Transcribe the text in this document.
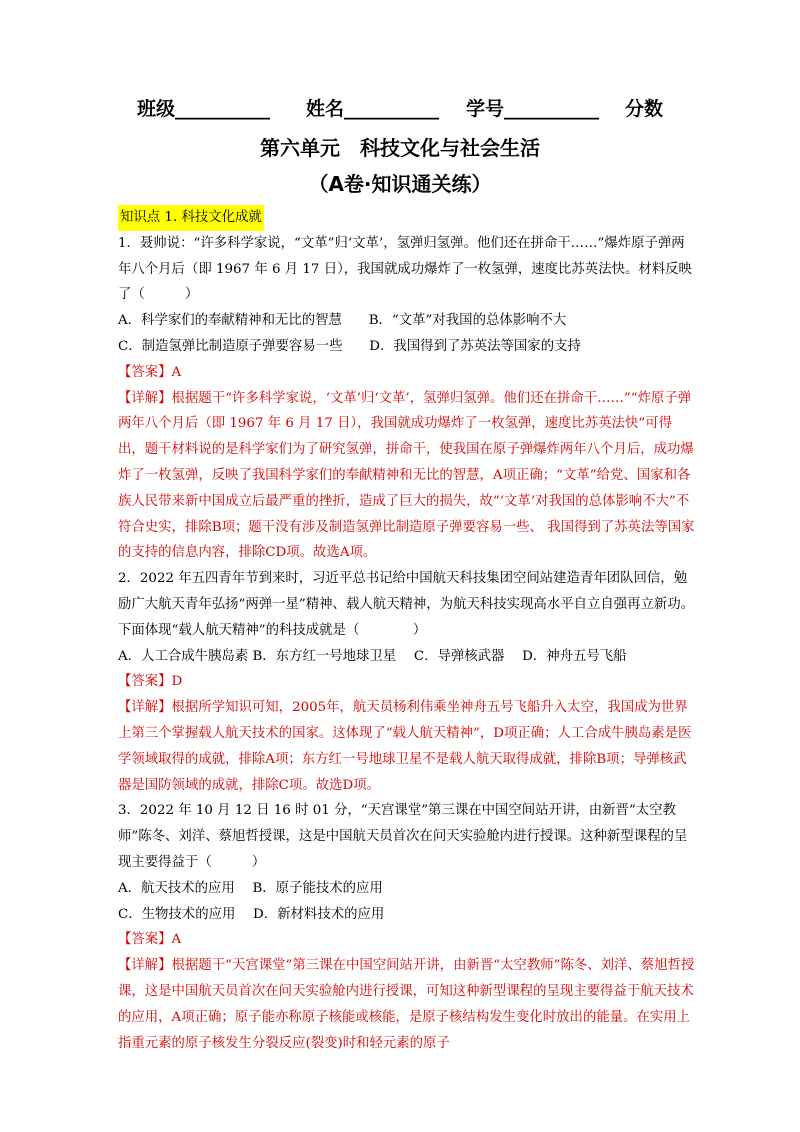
班级__________ 姓名__________ 学号__________ 分数
第六单元　科技文化与社会生活
（A卷·知识通关练）

知识点 1. 科技文化成就

1．聂帅说：“许多科学家说，“文革”归‘文革’，氢弹归氢弹。他们还在拼命干……”爆炸原子弹两年八个月后（即 1967 年 6 月 17 日），我国就成功爆炸了一枚氢弹，速度比苏英法快。材料反映了（　　　）

A．科学家们的奉献精神和无比的智慧　　B．“文革”对我国的总体影响不大

C．制造氢弹比制造原子弹要容易一些　　D．我国得到了苏英法等国家的支持

【答案】A

【详解】根据题干“许多科学家说，‘文革’归‘文革’，氢弹归氢弹。他们还在拼命干……”“炸原子弹两年八个月后（即 1967 年 6 月 17 日），我国就成功爆炸了一枚氢弹，速度比苏英法快”可得出，题干材料说的是科学家们为了研究氢弹，拼命干，使我国在原子弹爆炸两年八个月后，成功爆炸了一枚氢弹，反映了我国科学家们的奉献精神和无比的智慧，A项正确；“文革”给党、国家和各族人民带来新中国成立后最严重的挫折，造成了巨大的损失，故“‘文革’对我国的总体影响不大”不符合史实，排除B项；题干没有涉及制造氢弹比制造原子弹要容易一些、 我国得到了苏英法等国家的支持的信息内容，排除CD项。故选A项。

2．2022 年五四青年节到来时，习近平总书记给中国航天科技集团空间站建造青年团队回信，勉励广大航天青年弘扬“两弹一星”精神、载人航天精神，为航天科技实现高水平自立自强再立新功。下面体现“载人航天精神”的科技成就是（　　　　）

A．人工合成牛胰岛素 B．东方红一号地球卫星　 C．导弹核武器　 D．神舟五号飞船

【答案】D

【详解】根据所学知识可知，2005年，航天员杨利伟乘坐神舟五号飞船升入太空，我国成为世界上第三个掌握载人航天技术的国家。这体现了“载人航天精神”，D项正确；人工合成牛胰岛素是医学领域取得的成就，排除A项；东方红一号地球卫星不是载人航天取得成就，排除B项；导弹核武器是国防领域的成就，排除C项。故选D项。

3．2022 年 10 月 12 日 16 时 01 分，“天宫课堂”第三课在中国空间站开讲，由新晋“太空教师”陈冬、刘洋、蔡旭哲授课，这是中国航天员首次在问天实验舱内进行授课。这种新型课程的呈现主要得益于（　　　）

A．航天技术的应用　 B．原子能技术的应用

C．生物技术的应用　 D．新材料技术的应用

【答案】A

【详解】根据题干“天宫课堂”第三课在中国空间站开讲，由新晋“太空教师”陈冬、刘洋、蔡旭哲授课，这是中国航天员首次在问天实验舱内进行授课，可知这种新型课程的呈现主要得益于航天技术的应用，A项正确；原子能亦称原子核能或核能，是原子核结构发生变化时放出的能量。在实用上指重元素的原子核发生分裂反应(裂变)时和轻元素的原子
